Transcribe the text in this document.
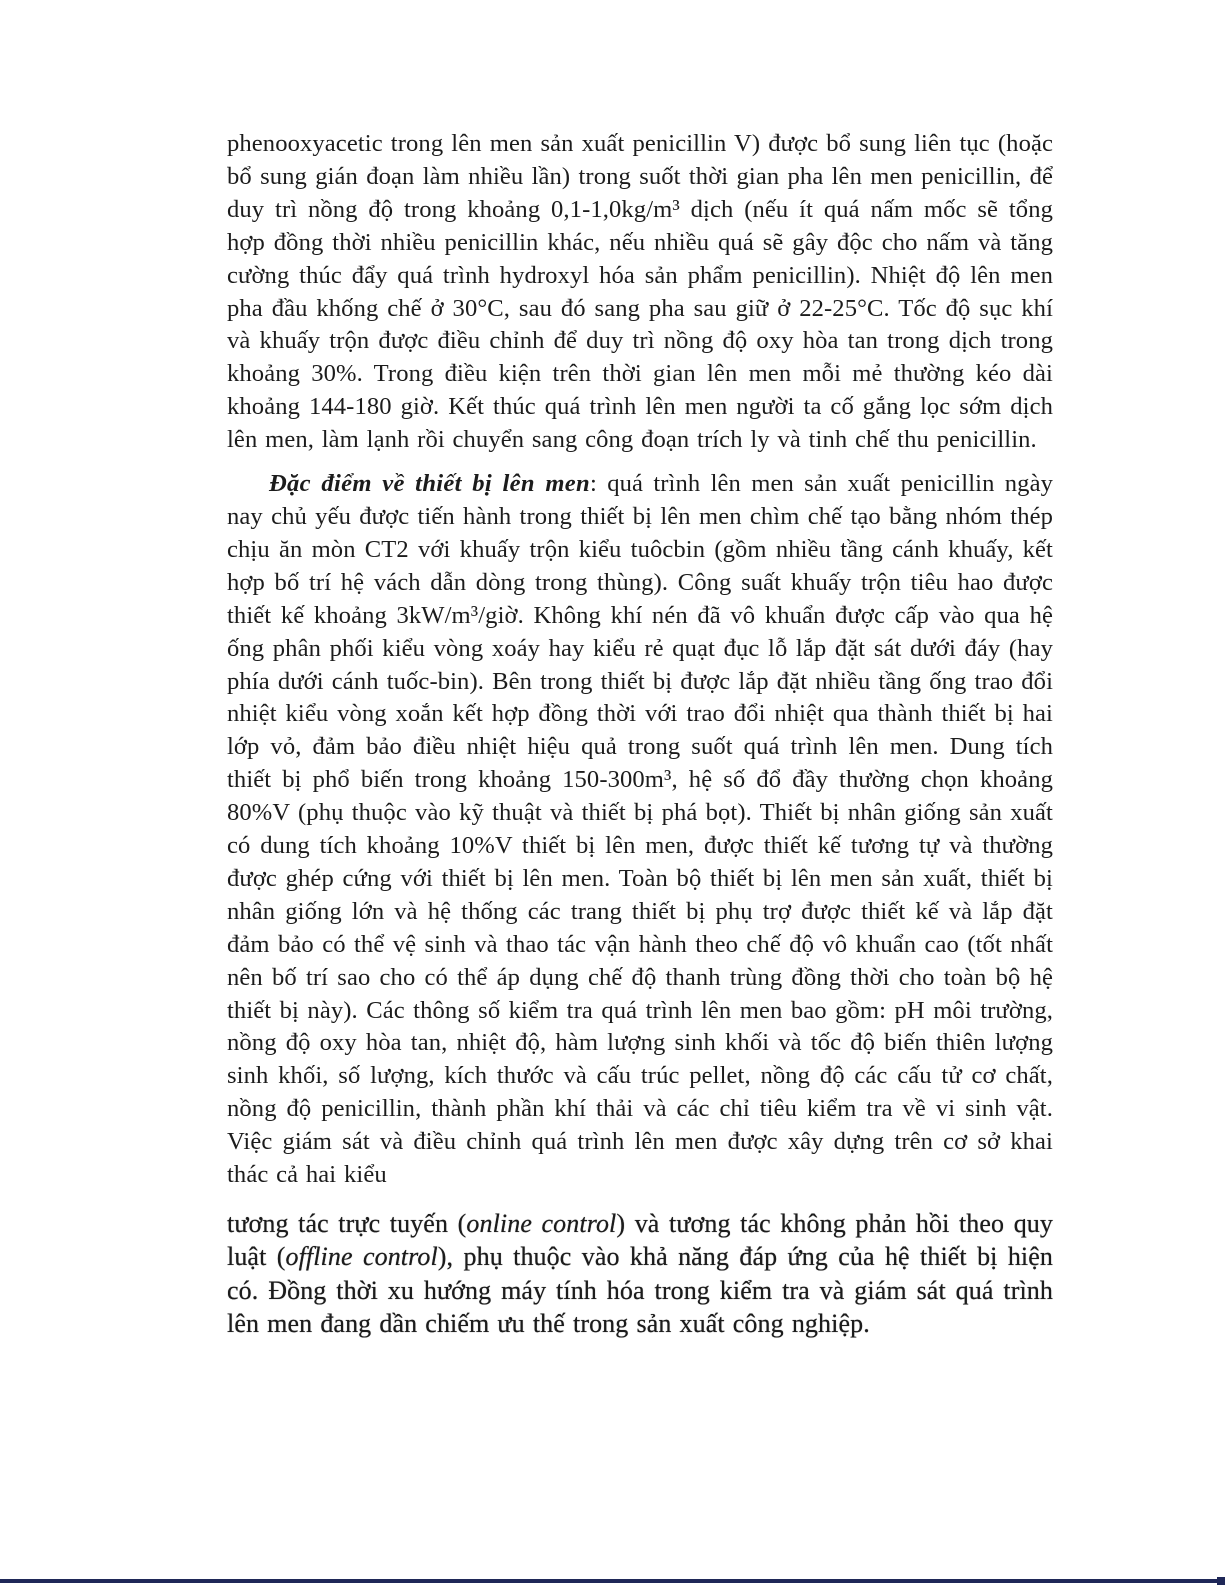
phenooxyacetic trong lên men sản xuất penicillin V) được bổ sung liên tục (hoặc bổ sung gián đoạn làm nhiều lần) trong suốt thời gian pha lên men penicillin, để duy trì nồng độ trong khoảng 0,1-1,0kg/m³ dịch (nếu ít quá nấm mốc sẽ tổng hợp đồng thời nhiều penicillin khác, nếu nhiều quá sẽ gây độc cho nấm và tăng cường thúc đẩy quá trình hydroxyl hóa sản phẩm penicillin). Nhiệt độ lên men pha đầu khống chế ở 30°C, sau đó sang pha sau giữ ở 22-25°C. Tốc độ sục khí và khuấy trộn được điều chỉnh để duy trì nồng độ oxy hòa tan trong dịch trong khoảng 30%. Trong điều kiện trên thời gian lên men mỗi mẻ thường kéo dài khoảng 144-180 giờ. Kết thúc quá trình lên men người ta cố gắng lọc sớm dịch lên men, làm lạnh rồi chuyển sang công đoạn trích ly và tinh chế thu penicillin.

Đặc điểm về thiết bị lên men: quá trình lên men sản xuất penicillin ngày nay chủ yếu được tiến hành trong thiết bị lên men chìm chế tạo bằng nhóm thép chịu ăn mòn CT2 với khuấy trộn kiểu tuôcbin (gồm nhiều tầng cánh khuấy, kết hợp bố trí hệ vách dẫn dòng trong thùng). Công suất khuấy trộn tiêu hao được thiết kế khoảng 3kW/m³/giờ. Không khí nén đã vô khuẩn được cấp vào qua hệ ống phân phối kiểu vòng xoáy hay kiểu rẻ quạt đục lỗ lắp đặt sát dưới đáy (hay phía dưới cánh tuốc-bin). Bên trong thiết bị được lắp đặt nhiều tầng ống trao đổi nhiệt kiểu vòng xoắn kết hợp đồng thời với trao đổi nhiệt qua thành thiết bị hai lớp vỏ, đảm bảo điều nhiệt hiệu quả trong suốt quá trình lên men. Dung tích thiết bị phổ biến trong khoảng 150-300m³, hệ số đổ đầy thường chọn khoảng 80%V (phụ thuộc vào kỹ thuật và thiết bị phá bọt). Thiết bị nhân giống sản xuất có dung tích khoảng 10%V thiết bị lên men, được thiết kế tương tự và thường được ghép cứng với thiết bị lên men. Toàn bộ thiết bị lên men sản xuất, thiết bị nhân giống lớn và hệ thống các trang thiết bị phụ trợ được thiết kế và lắp đặt đảm bảo có thể vệ sinh và thao tác vận hành theo chế độ vô khuẩn cao (tốt nhất nên bố trí sao cho có thể áp dụng chế độ thanh trùng đồng thời cho toàn bộ hệ thiết bị này). Các thông số kiểm tra quá trình lên men bao gồm: pH môi trường, nồng độ oxy hòa tan, nhiệt độ, hàm lượng sinh khối và tốc độ biến thiên lượng sinh khối, số lượng, kích thước và cấu trúc pellet, nồng độ các cấu tử cơ chất, nồng độ penicillin, thành phần khí thải và các chỉ tiêu kiểm tra về vi sinh vật. Việc giám sát và điều chỉnh quá trình lên men được xây dựng trên cơ sở khai thác cả hai kiểu

tương tác trực tuyến (online control) và tương tác không phản hồi theo quy luật (offline control), phụ thuộc vào khả năng đáp ứng của hệ thiết bị hiện có. Đồng thời xu hướng máy tính hóa trong kiểm tra và giám sát quá trình lên men đang dần chiếm ưu thế trong sản xuất công nghiệp.
